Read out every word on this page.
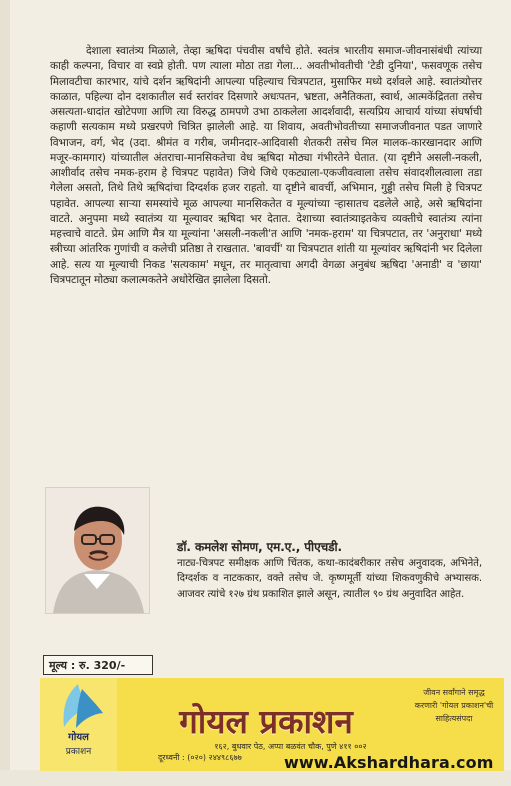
देशाला स्वातंत्र्य मिळाले, तेव्हा ऋषिदा पंचवीस वर्षांचे होते. स्वतंत्र भारतीय समाज-जीवनासंबंधी त्यांच्या काही कल्पना, विचार वा स्वप्ने होती. पण त्याला मोठा तडा गेला... अवतीभोवतीची 'टेडी दुनिया', फसवणूक तसेच मिलावटीचा कारभार, यांचे दर्शन ऋषिदांनी आपल्या पहिल्याच चित्रपटात, मुसाफिर मध्ये दर्शवले आहे. स्वातंत्र्योत्तर काळात, पहिल्या दोन दशकातील सर्व स्तरांवर दिसणारे अधःपतन, भ्रष्टता, अनैतिकता, स्वार्थ, आत्मकेंद्रितता तसेच असत्यता-धादांत खोटेपणा आणि त्या विरुद्ध ठामपणे उभा ठाकलेला आदर्शवादी, सत्यप्रिय आचार्य यांच्या संघर्षाची कहाणी सत्यकाम मध्ये प्रखरपणे चित्रित झालेली आहे. या शिवाय, अवतीभोवतीच्या समाजजीवनात पडत जाणारे विभाजन, वर्ग, भेद (उदा. श्रीमंत व गरीब, जमीनदार-आदिवासी शेतकरी तसेच मिल मालक-कारखानदार आणि मजूर-कामगार) यांच्यातील अंतराचा-मानसिकतेचा वेध ऋषिदा मोठ्या गंभीरतेने घेतात. (या दृष्टीने असली-नकली, आशीर्वाद तसेच नमक-हराम हे चित्रपट पहावेत) जिथे जिथे एकट्याला-एकजीवत्वाला तसेच संवादशीलत्वाला तडा गेलेला असतो, तिथे तिथे ऋषिदांचा दिग्दर्शक हजर राहतो. या दृष्टीने बावर्ची, अभिमान, गुड्डी तसेच मिली हे चित्रपट पहावेत. आपल्या साऱ्या समस्यांचे मूळ आपल्या मानसिकतेत व मूल्यांच्या ऱ्हासातच दडलेले आहे, असे ऋषिदांना वाटते. अनुपमा मध्ये स्वातंत्र्य या मूल्यावर ऋषिदा भर देतात. देशाच्या स्वातंत्र्याइतकेच व्यक्तीचे स्वातंत्र्य त्यांना महत्त्वाचे वाटते. प्रेम आणि मैत्र या मूल्यांना 'असली-नकली'त आणि 'नमक-हराम' या चित्रपटात, तर 'अनुराधा' मध्ये स्त्रीच्या आंतरिक गुणांची व कलेची प्रतिष्ठा ते राखतात. 'बावर्ची' या चित्रपटात शांती या मूल्यांवर ऋषिदांनी भर दिलेला आहे. सत्य या मूल्याची निकड 'सत्यकाम' मधून, तर मातृत्वाचा अगदी वेगळा अनुबंध ऋषिदा 'अनाडी' व 'छाया' चित्रपटातून मोठ्या कलात्मकतेने अधोरेखित झालेला दिसतो.
डॉ. कमलेश सोमण, एम.ए., पीएचडी.
नाट्य-चित्रपट समीक्षक आणि चिंतक, कथा-कादंबरीकार तसेच अनुवादक, अभिनेते, दिग्दर्शक व नाटककार, वक्ते तसेच जे. कृष्णमूर्ती यांच्या शिकवणुकीचे अभ्यासक. आजवर त्यांचे १२७ ग्रंथ प्रकाशित झाले असून, त्यातील ९० ग्रंथ अनुवादित आहेत.
मूल्य : रु. 320/-
गोयल
प्रकाशन
गोयल प्रकाशन
१६२, बुधवार पेठ, अप्पा बळवंत चौक, पुणे ४११ ००२
दूरध्वनी : (०२०) २४४९८६७७
जीवन सर्वांगाने समृद्ध करणारी 'गोयल प्रकाशन'ची साहित्यसंपदा
www.Akshardhara.com
